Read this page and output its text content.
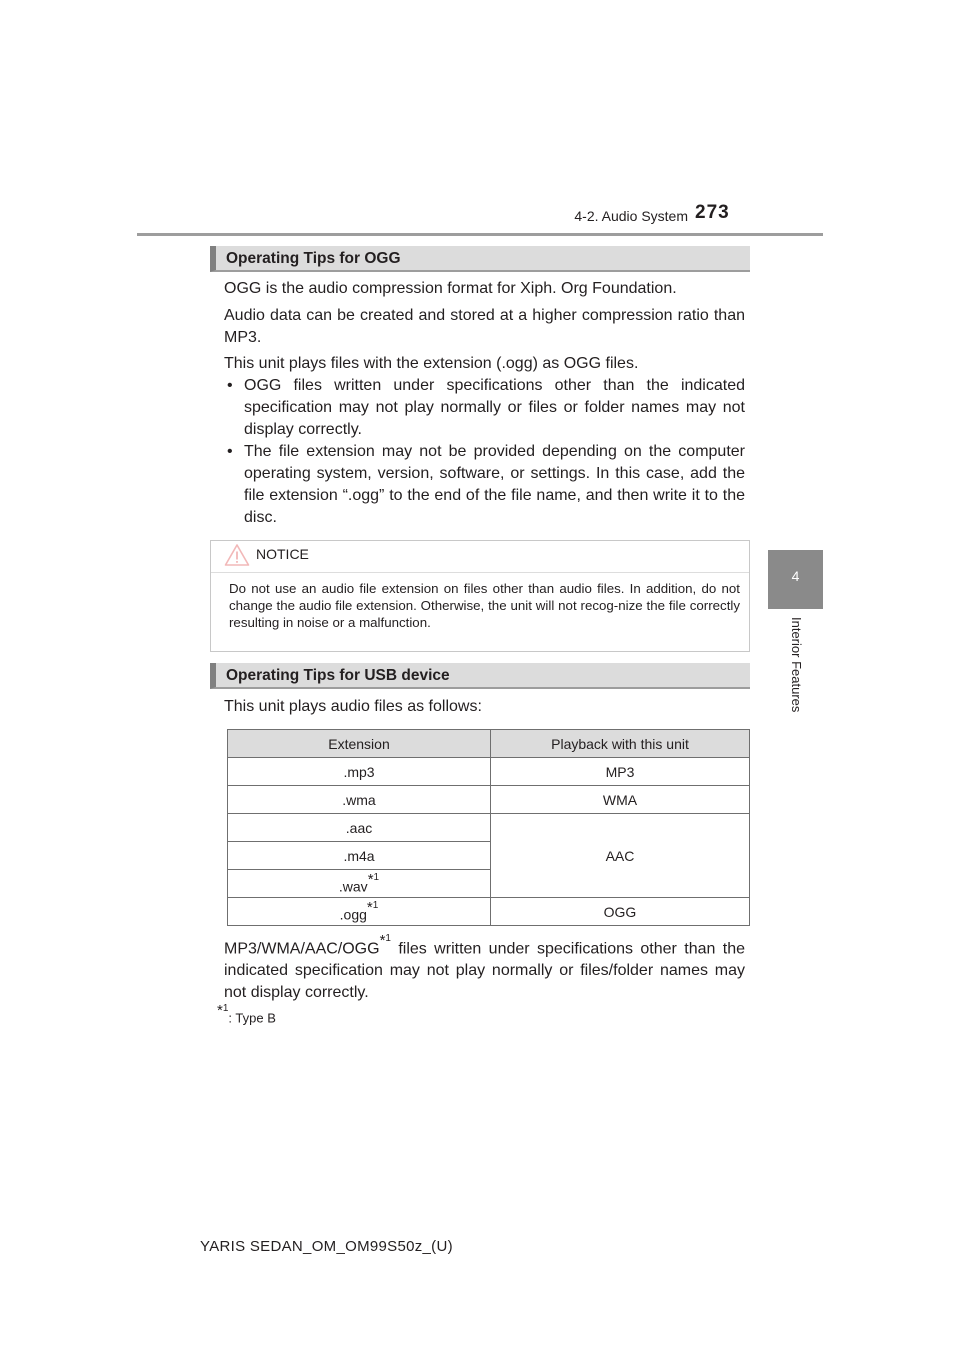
4-2. Audio System 273
4
Interior Features
Operating Tips for OGG
OGG is the audio compression format for Xiph. Org Foundation.
Audio data can be created and stored at a higher compression ratio than MP3.
This unit plays files with the extension (.ogg) as OGG files.
• OGG files written under specifications other than the indicated specification may not play normally or files or folder names may not display correctly.
• The file extension may not be provided depending on the computer operating system, version, software, or settings. In this case, add the file extension “.ogg” to the end of the file name, and then write it to the disc.
NOTICE
Do not use an audio file extension on files other than audio files. In addition, do not change the audio file extension. Otherwise, the unit will not recog-nize the file correctly resulting in noise or a malfunction.
Operating Tips for USB device
This unit plays audio files as follows:
Extension	Playback with this unit
.mp3	MP3
.wma	WMA
.aac	AAC
.m4a	
.wav$^{*1}$
.ogg$^{*1}$	OGG
MP3/WMA/AAC/OGG$^{*1}$ files written under specifications other than the indicated specification may not play normally or files/folder names may not display correctly.
$^{*1}$: Type B
YARIS SEDAN_OM_OM99S50z_(U)
